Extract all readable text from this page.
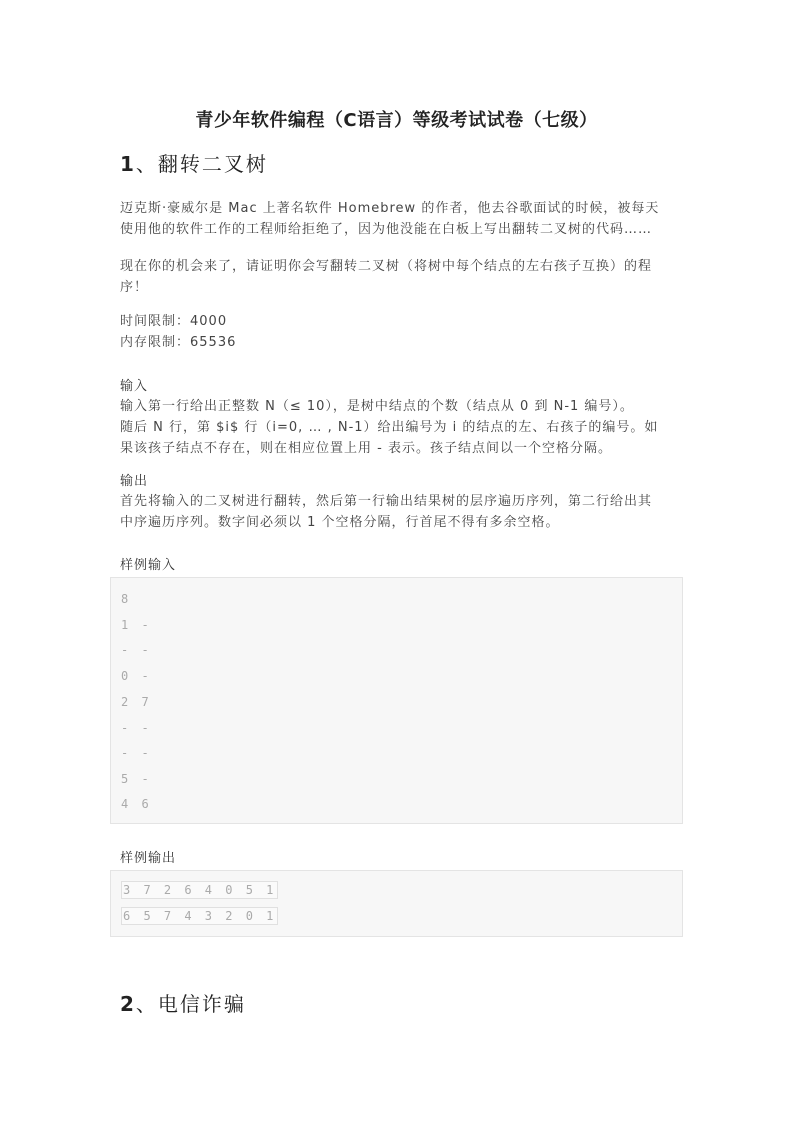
青少年软件编程（C语言）等级考试试卷（七级）
1、翻转二叉树
迈克斯·豪威尔是 Mac 上著名软件 Homebrew 的作者，他去谷歌面试的时候，被每天
使用他的软件工作的工程师给拒绝了，因为他没能在白板上写出翻转二叉树的代码……
现在你的机会来了，请证明你会写翻转二叉树（将树中每个结点的左右孩子互换）的程
序！
时间限制：4000
内存限制：65536
输入
输入第一行给出正整数 N（≤ 10），是树中结点的个数（结点从 0 到 N-1 编号）。
随后 N 行，第 $i$ 行（i=0, … , N-1）给出编号为 i 的结点的左、右孩子的编号。如
果该孩子结点不存在，则在相应位置上用 - 表示。孩子结点间以一个空格分隔。
输出
首先将输入的二叉树进行翻转，然后第一行输出结果树的层序遍历序列，第二行给出其
中序遍历序列。数字间必须以 1 个空格分隔，行首尾不得有多余空格。
样例输入
8
1 -
- -
0 -
2 7
- -
- -
5 -
4 6
样例输出
3 7 2 6 4 0 5 1
6 5 7 4 3 2 0 1
2、电信诈骗
